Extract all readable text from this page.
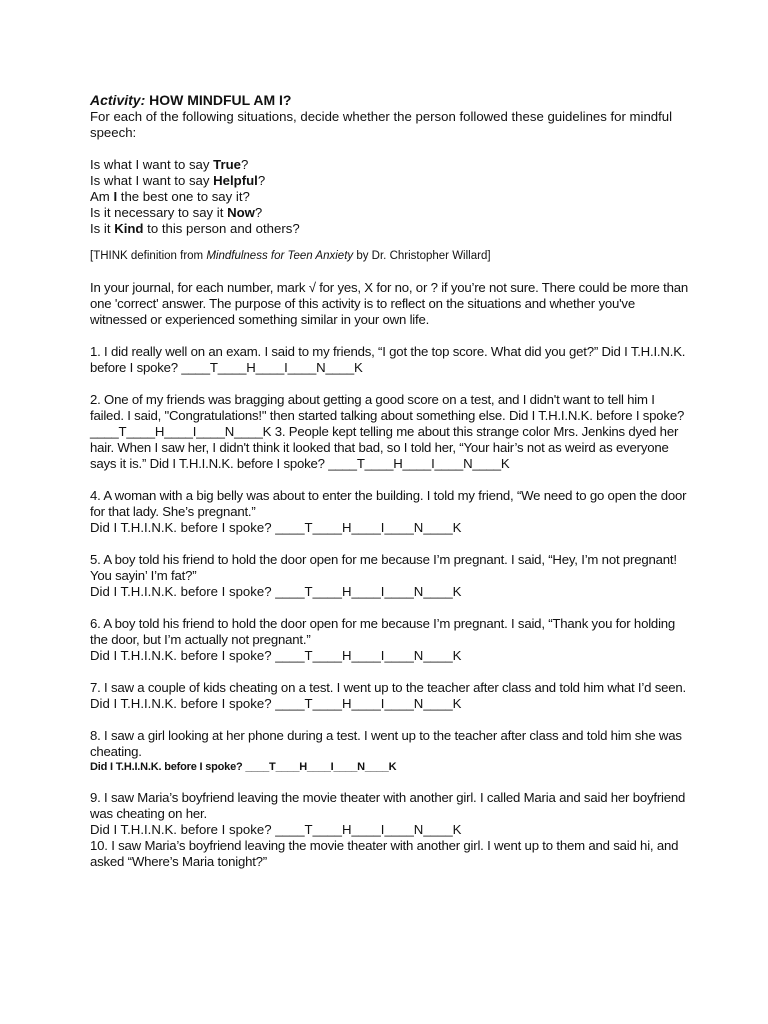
Activity: HOW MINDFUL AM I?

For each of the following situations, decide whether the person followed these guidelines for mindful speech:

Is what I want to say True?

Is what I want to say Helpful?

Am I the best one to say it?

Is it necessary to say it Now?

Is it Kind to this person and others?

[THINK definition from Mindfulness for Teen Anxiety by Dr. Christopher Willard]

In your journal, for each number, mark √ for yes, X for no, or ? if you’re not sure. There could be more than one 'correct' answer. The purpose of this activity is to reflect on the situations and whether you've witnessed or experienced something similar in your own life.

1. I did really well on an exam. I said to my friends, “I got the top score. What did you get?” Did I T.H.I.N.K. before I spoke? ____T____H____I____N____K

2. One of my friends was bragging about getting a good score on a test, and I didn't want to tell him I failed. I said, "Congratulations!" then started talking about something else. Did I T.H.I.N.K. before I spoke? ____T____H____I____N____K 3. People kept telling me about this strange color Mrs. Jenkins dyed her hair. When I saw her, I didn't think it looked that bad, so I told her, “Your hair’s not as weird as everyone says it is.” Did I T.H.I.N.K. before I spoke? ____T____H____I____N____K

4. A woman with a big belly was about to enter the building. I told my friend, “We need to go open the door for that lady. She’s pregnant.”

Did I T.H.I.N.K. before I spoke? ____T____H____I____N____K

5. A boy told his friend to hold the door open for me because I’m pregnant. I said, “Hey, I’m not pregnant! You sayin’ I’m fat?”

Did I T.H.I.N.K. before I spoke? ____T____H____I____N____K

6. A boy told his friend to hold the door open for me because I’m pregnant. I said, “Thank you for holding the door, but I’m actually not pregnant.”

Did I T.H.I.N.K. before I spoke? ____T____H____I____N____K

7. I saw a couple of kids cheating on a test. I went up to the teacher after class and told him what I’d seen.

Did I T.H.I.N.K. before I spoke? ____T____H____I____N____K

8. I saw a girl looking at her phone during a test. I went up to the teacher after class and told him she was cheating.

Did I T.H.I.N.K. before I spoke? ____T____H____I____N____K

9. I saw Maria’s boyfriend leaving the movie theater with another girl. I called Maria and said her boyfriend was cheating on her.

Did I T.H.I.N.K. before I spoke? ____T____H____I____N____K

10. I saw Maria’s boyfriend leaving the movie theater with another girl. I went up to them and said hi, and asked “Where’s Maria tonight?”
